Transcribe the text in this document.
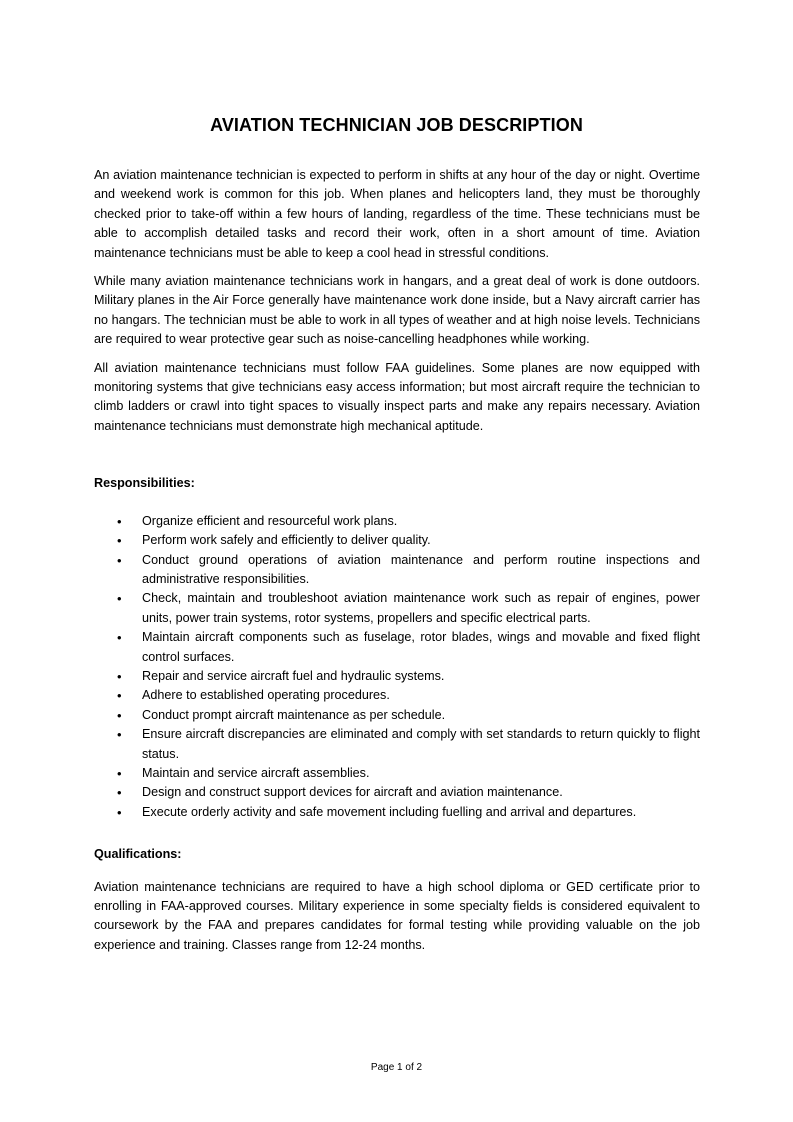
AVIATION TECHNICIAN JOB DESCRIPTION

An aviation maintenance technician is expected to perform in shifts at any hour of the day or night. Overtime and weekend work is common for this job. When planes and helicopters land, they must be thoroughly checked prior to take-off within a few hours of landing, regardless of the time. These technicians must be able to accomplish detailed tasks and record their work, often in a short amount of time. Aviation maintenance technicians must be able to keep a cool head in stressful conditions.

While many aviation maintenance technicians work in hangars, and a great deal of work is done outdoors. Military planes in the Air Force generally have maintenance work done inside, but a Navy aircraft carrier has no hangars. The technician must be able to work in all types of weather and at high noise levels. Technicians are required to wear protective gear such as noise-cancelling headphones while working.

All aviation maintenance technicians must follow FAA guidelines. Some planes are now equipped with monitoring systems that give technicians easy access information; but most aircraft require the technician to climb ladders or crawl into tight spaces to visually inspect parts and make any repairs necessary. Aviation maintenance technicians must demonstrate high mechanical aptitude.

Responsibilities:
• Organize efficient and resourceful work plans.
• Perform work safely and efficiently to deliver quality.
• Conduct ground operations of aviation maintenance and perform routine inspections and administrative responsibilities.
• Check, maintain and troubleshoot aviation maintenance work such as repair of engines, power units, power train systems, rotor systems, propellers and specific electrical parts.
• Maintain aircraft components such as fuselage, rotor blades, wings and movable and fixed flight control surfaces.
• Repair and service aircraft fuel and hydraulic systems.
• Adhere to established operating procedures.
• Conduct prompt aircraft maintenance as per schedule.
• Ensure aircraft discrepancies are eliminated and comply with set standards to return quickly to flight status.
• Maintain and service aircraft assemblies.
• Design and construct support devices for aircraft and aviation maintenance.
• Execute orderly activity and safe movement including fuelling and arrival and departures.
Qualifications:

Aviation maintenance technicians are required to have a high school diploma or GED certificate prior to enrolling in FAA-approved courses. Military experience in some specialty fields is considered equivalent to coursework by the FAA and prepares candidates for formal testing while providing valuable on the job experience and training. Classes range from 12-24 months.

Page 1 of 2
